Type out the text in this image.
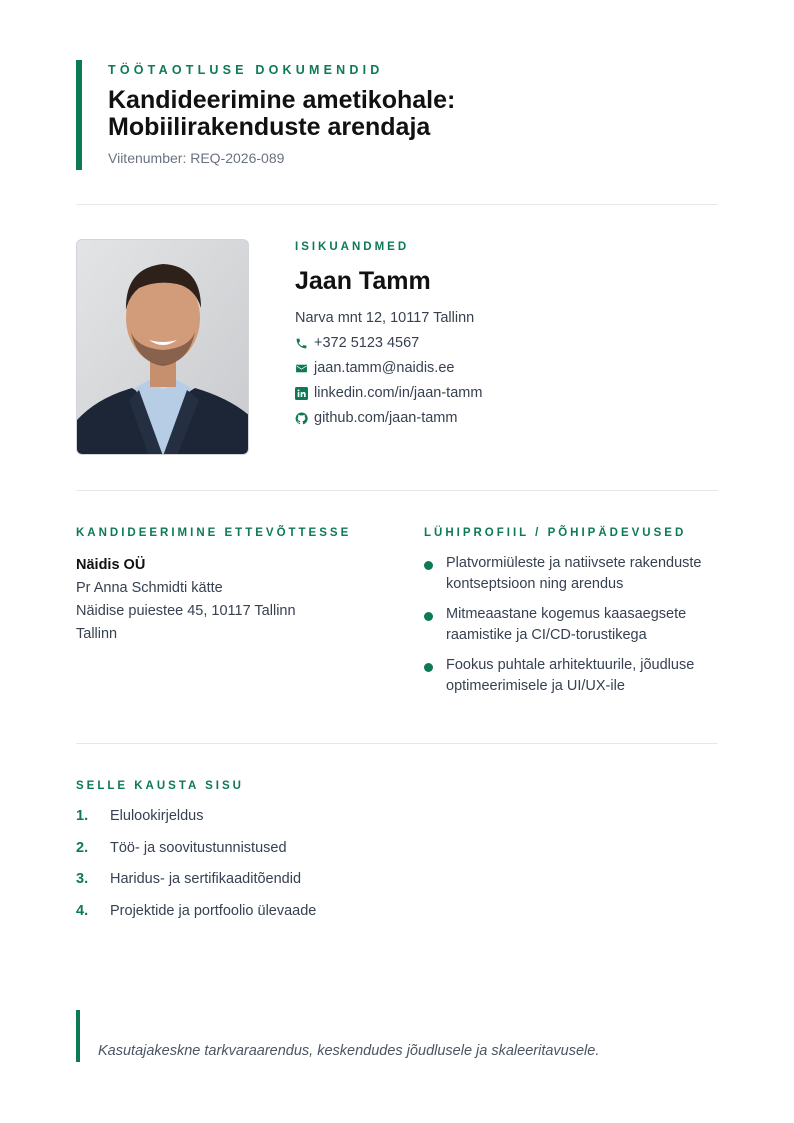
TÖÖTAOTLUSE DOKUMENDID
Kandideerimine ametikohale:
Mobiilirakenduste arendaja
Viitenumber: REQ-2026-089
ISIKUANDMED
Jaan Tamm
Narva mnt 12, 10117 Tallinn
+372 5123 4567
jaan.tamm@naidis.ee
linkedin.com/in/jaan-tamm
github.com/jaan-tamm
KANDIDEERIMINE ETTEVÕTTESSE
Näidis OÜ
Pr Anna Schmidti kätte
Näidise puiestee 45, 10117 Tallinn
Tallinn
LÜHIPROFIIL / PÕHIPÄDEVUSED
Platvormiüleste ja natiivsete rakenduste kontseptsioon ning arendus
Mitmeaastane kogemus kaasaegsete raamistike ja CI/CD-torustikega
Fookus puhtale arhitektuurile, jõudluse optimeerimisele ja UI/UX-ile
SELLE KAUSTA SISU
1.	Elulookirjeldus
2.	Töö- ja soovitustunnistused
3.	Haridus- ja sertifikaaditõendid
4.	Projektide ja portfoolio ülevaade
Kasutajakeskne tarkvaraarendus, keskendudes jõudlusele ja skaleeritavusele.
